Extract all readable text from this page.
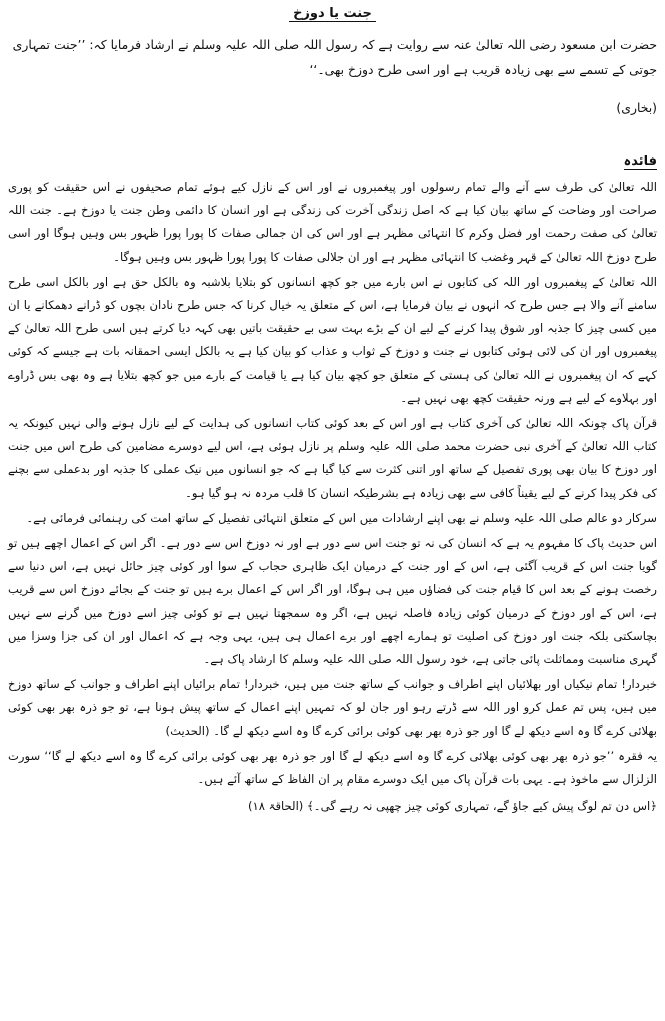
جنت یا دوزخ
حضرت ابن مسعود رضی اللہ تعالیٰ عنہ سے روایت ہے کہ رسول اللہ صلی اللہ علیہ وسلم نے ارشاد فرمایا کہ: ’’جنت تمہاری جوتی کے تسمے سے بھی زیادہ قریب ہے اور اسی طرح دوزخ بھی۔‘‘
(بخاری)
فائدہ

اللہ تعالیٰ کی طرف سے آنے والے تمام رسولوں اور پیغمبروں نے اور اس کے نازل کیے ہوئے تمام صحیفوں نے اس حقیقت کو پوری صراحت اور وضاحت کے ساتھ بیان کیا ہے کہ اصل زندگی آخرت کی زندگی ہے اور انسان کا دائمی وطن جنت یا دوزخ ہے۔ جنت اللہ تعالیٰ کی صفت رحمت اور فضل وکرم کا انتہائی مظہر ہے اور اس کی ان جمالی صفات کا پورا پورا ظہور بس وہیں ہوگا اور اسی طرح دوزخ اللہ تعالیٰ کے قہر وغضب کا انتہائی مظہر ہے اور ان جلالی صفات کا پورا پورا ظہور بس وہیں ہوگا۔

اللہ تعالیٰ کے پیغمبروں اور اللہ کی کتابوں نے اس بارے میں جو کچھ انسانوں کو بتلایا بلاشبہ وہ بالکل حق ہے اور بالکل اسی طرح سامنے آنے والا ہے جس طرح کہ انہوں نے بیان فرمایا ہے، اس کے متعلق یہ خیال کرنا کہ جس طرح نادان بچوں کو ڈرانے دھمکانے یا ان میں کسی چیز کا جذبہ اور شوق پیدا کرنے کے لیے ان کے بڑے بہت سی بے حقیقت باتیں بھی کہہ دیا کرتے ہیں اسی طرح اللہ تعالیٰ کے پیغمبروں اور ان کی لائی ہوئی کتابوں نے جنت و دوزخ کے ثواب و عذاب کو بیان کیا ہے یہ بالکل ایسی احمقانہ بات ہے جیسے کہ کوئی کہے کہ ان پیغمبروں نے اللہ تعالیٰ کی ہستی کے متعلق جو کچھ بیان کیا ہے یا قیامت کے بارے میں جو کچھ بتلایا ہے وہ بھی بس ڈراوے اور بہلاوے کے لیے ہے ورنہ حقیقت کچھ بھی نہیں ہے۔

قرآن پاک چونکہ اللہ تعالیٰ کی آخری کتاب ہے اور اس کے بعد کوئی کتاب انسانوں کی ہدایت کے لیے نازل ہونے والی نہیں کیونکہ یہ کتاب اللہ تعالیٰ کے آخری نبی حضرت محمد صلی اللہ علیہ وسلم پر نازل ہوئی ہے، اس لیے دوسرے مضامین کی طرح اس میں جنت اور دوزخ کا بیان بھی پوری تفصیل کے ساتھ اور اتنی کثرت سے کیا گیا ہے کہ جو انسانوں میں نیک عملی کا جذبہ اور بدعملی سے بچنے کی فکر پیدا کرنے کے لیے یقیناً کافی سے بھی زیادہ ہے بشرطیکہ انسان کا قلب مردہ نہ ہو گیا ہو۔

سرکار دو عالم صلی اللہ علیہ وسلم نے بھی اپنے ارشادات میں اس کے متعلق انتہائی تفصیل کے ساتھ امت کی رہنمائی فرمائی ہے۔

اس حدیث پاک کا مفہوم یہ ہے کہ انسان کی نہ تو جنت اس سے دور ہے اور نہ دوزخ اس سے دور ہے۔ اگر اس کے اعمال اچھے ہیں تو گویا جنت اس کے قریب آگئی ہے، اس کے اور جنت کے درمیان ایک ظاہری حجاب کے سوا اور کوئی چیز حائل نہیں ہے، اس دنیا سے رخصت ہونے کے بعد اس کا قیام جنت کی فضاؤں میں ہی ہوگا، اور اگر اس کے اعمال برے ہیں تو جنت کے بجائے دوزخ اس سے قریب ہے، اس کے اور دوزخ کے درمیان کوئی زیادہ فاصلہ نہیں ہے، اگر وہ سمجھتا نہیں ہے تو کوئی چیز اسے دوزخ میں گرنے سے نہیں بچاسکتی بلکہ جنت اور دوزخ کی اصلیت تو ہمارے اچھے اور برے اعمال ہی ہیں، یہی وجہ ہے کہ اعمال اور ان کی جزا وسزا میں گہری مناسبت ومماثلت پائی جاتی ہے، خود رسول اللہ صلی اللہ علیہ وسلم کا ارشاد پاک ہے۔

خبردار! تمام نیکیاں اور بھلائیاں اپنے اطراف و جوانب کے ساتھ جنت میں ہیں، خبردار! تمام برائیاں اپنے اطراف و جوانب کے ساتھ دوزخ میں ہیں، پس تم عمل کرو اور اللہ سے ڈرتے رہو اور جان لو کہ تمہیں اپنے اعمال کے ساتھ پیش ہونا ہے، تو جو ذرہ بھر بھی کوئی بھلائی کرے گا وہ اسے دیکھ لے گا اور جو ذرہ بھر بھی کوئی برائی کرے گا وہ اسے دیکھ لے گا۔ (الحدیث)

یہ فقرہ ’’جو ذرہ بھر بھی کوئی بھلائی کرے گا وہ اسے دیکھ لے گا اور جو ذرہ بھر بھی کوئی برائی کرے گا وہ اسے دیکھ لے گا‘‘ سورت الزلزال سے ماخوذ ہے۔ یہی بات قرآن پاک میں ایک دوسرے مقام پر ان الفاظ کے ساتھ آئے ہیں۔

﴿اس دن تم لوگ پیش کیے جاؤ گے، تمہاری کوئی چیز چھپی نہ رہے گی۔﴾ (الحاقۃ ۱۸)
